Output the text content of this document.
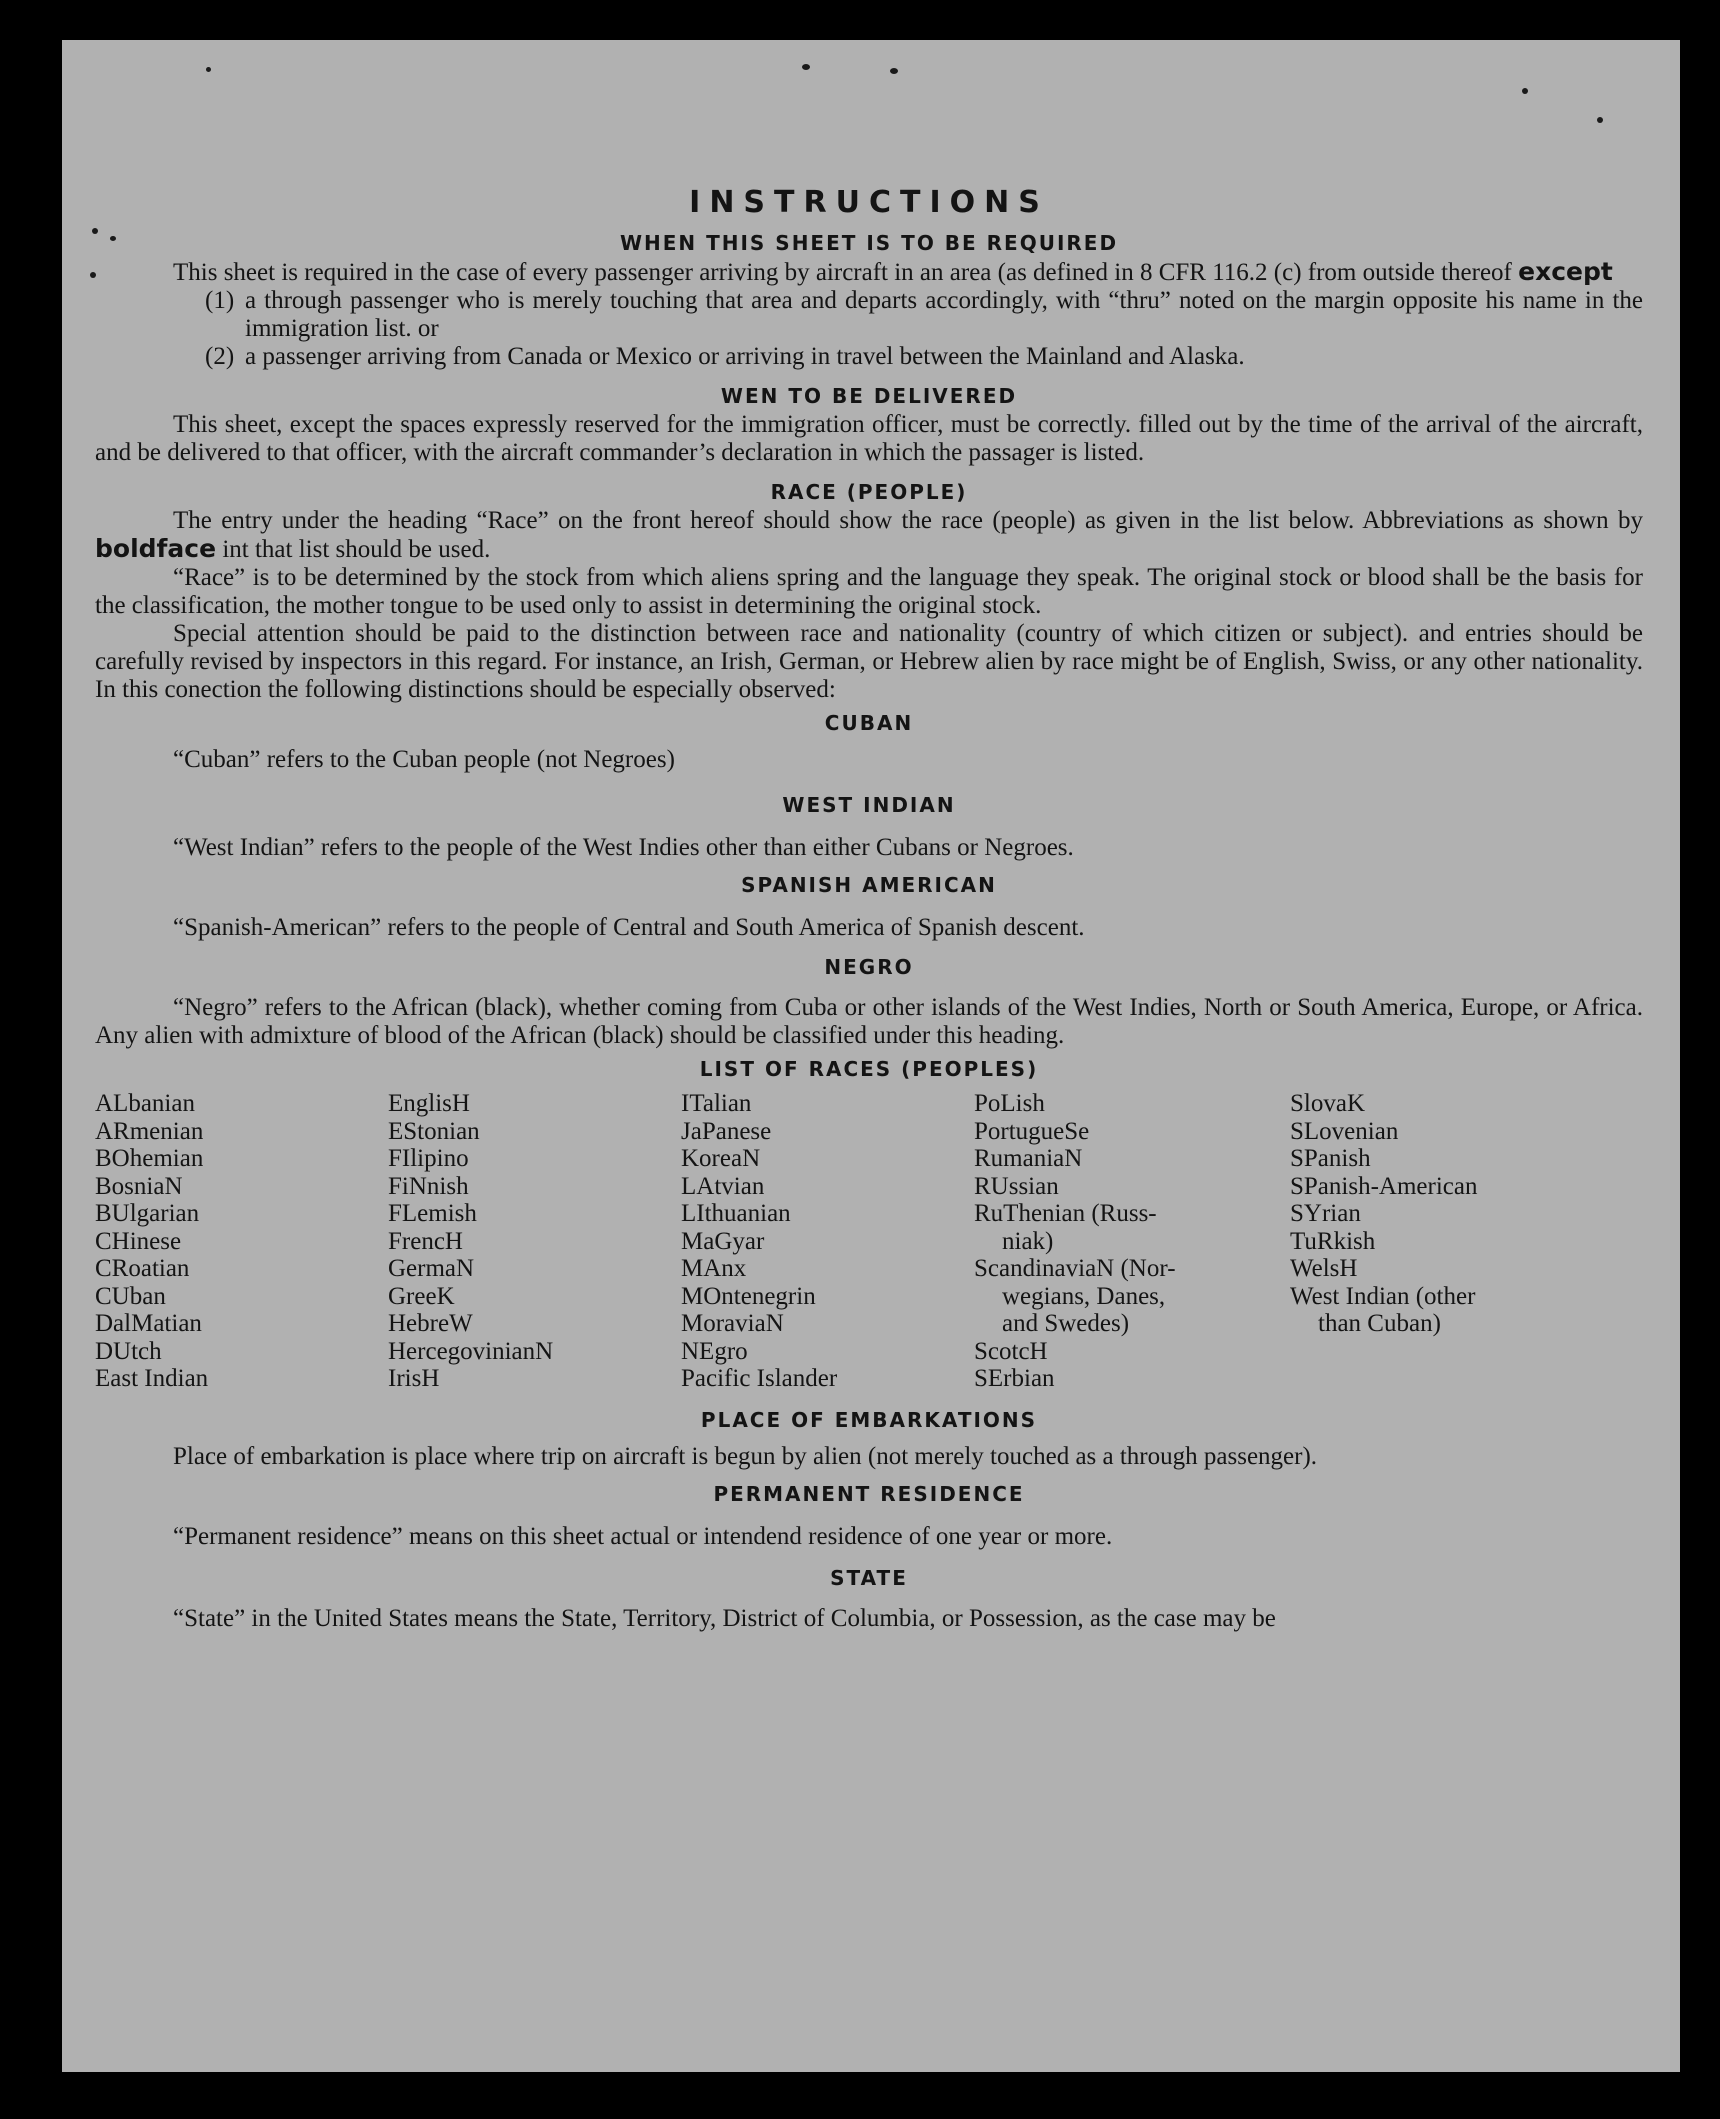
INSTRUCTIONS
WHEN THIS SHEET IS TO BE REQUIRED

This sheet is required in the case of every passenger arriving by aircraft in an area (as defined in 8 CFR 116.2 (c) from outside thereof except

(1) a through passenger who is merely touching that area and departs accordingly, with “thru” noted on the margin opposite his name in the immigration list. or
(2) a passenger arriving from Canada or Mexico or arriving in travel between the Mainland and Alaska.
WEN TO BE DELIVERED

This sheet, except the spaces expressly reserved for the immigration officer, must be correctly. filled out by the time of the arrival of the aircraft, and be delivered to that officer, with the aircraft commander’s declaration in which the passager is listed.

RACE (PEOPLE)

The entry under the heading “Race” on the front hereof should show the race (people) as given in the list below. Abbreviations as shown by boldface int that list should be used.

“Race” is to be determined by the stock from which aliens spring and the language they speak. The original stock or blood shall be the basis for the classification, the mother tongue to be used only to assist in determining the original stock.

Special attention should be paid to the distinction between race and nationality (country of which citizen or subject). and entries should be carefully revised by inspectors in this regard. For instance, an Irish, German, or Hebrew alien by race might be of English, Swiss, or any other nationality. In this conection the following distinctions should be especially observed:

CUBAN

“Cuban” refers to the Cuban people (not Negroes)

WEST INDIAN

“West Indian” refers to the people of the West Indies other than either Cubans or Negroes.

SPANISH AMERICAN

“Spanish-American” refers to the people of Central and South America of Spanish descent.

NEGRO

“Negro” refers to the African (black), whether coming from Cuba or other islands of the West Indies, North or South America, Europe, or Africa. Any alien with admixture of blood of the African (black) should be classified under this heading.

LIST OF RACES (PEOPLES)
ALbanian
ARmenian
BOhemian
BosniaN
BUlgarian
CHinese
CRoatian
CUban
DalMatian
DUtch
East Indian
EnglisH
EStonian
FIlipino
FiNnish
FLemish
FrencH
GermaN
GreeK
HebreW
HercegovinianN
IrisH
ITalian
JaPanese
KoreaN
LAtvian
LIthuanian
MaGyar
MAnx
MOntenegrin
MoraviaN
NEgro
Pacific Islander
PoLish
PortugueSe
RumaniaN
RUssian
RuThenian (Russ-
niak)
ScandinaviaN (Nor-
wegians, Danes,
and Swedes)
ScotcH
SErbian
SlovaK
SLovenian
SPanish
SPanish-American
SYrian
TuRkish
WelsH
West Indian (other
than Cuban)
PLACE OF EMBARKATIONS

Place of embarkation is place where trip on aircraft is begun by alien (not merely touched as a through passenger).

PERMANENT RESIDENCE

“Permanent residence” means on this sheet actual or intendend residence of one year or more.

STATE

“State” in the United States means the State, Territory, District of Columbia, or Possession, as the case may be
